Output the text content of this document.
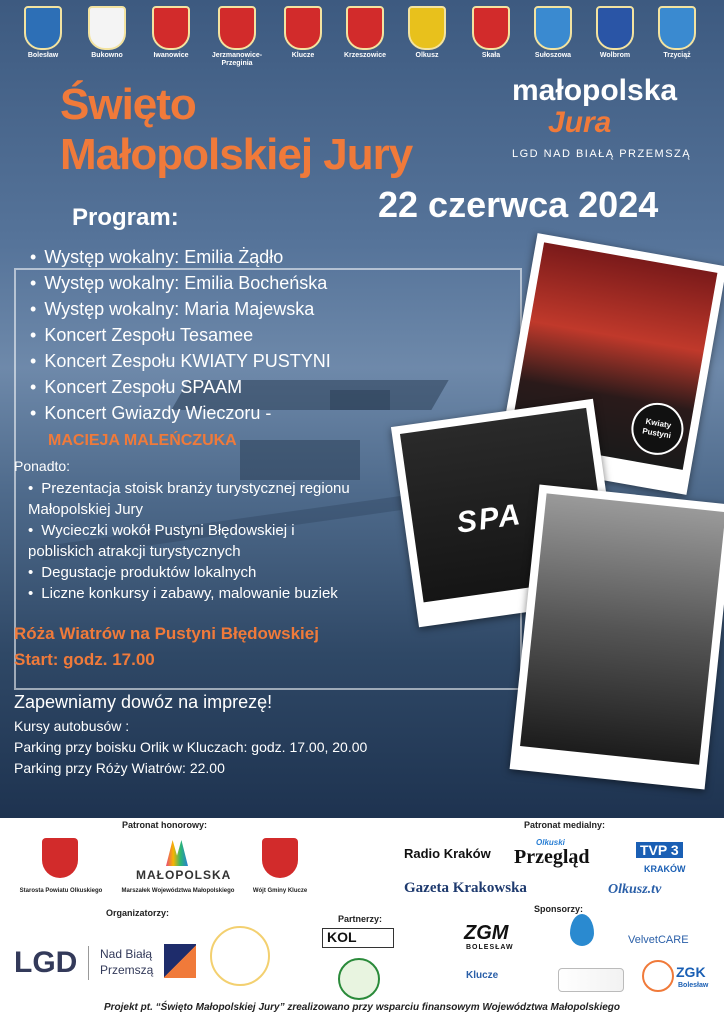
Bolesław	Bukowno	Iwanowice	Jerzmanowice-Przeginia
Klucze	Krzeszowice	Olkusz	Skała	Sułoszowa	Wolbrom	Trzyciąż
Święto
Małopolskiej Jury
22 czerwca 2024
małopolska
Jura
LGD NAD BIAŁĄ PRZEMSZĄ
Program:
• Występ wokalny: Emilia Żądło
• Występ wokalny: Emilia Bocheńska
• Występ wokalny: Maria Majewska
• Koncert Zespołu Tesamee
• Koncert Zespołu KWIATY PUSTYNI
• Koncert Zespołu SPAAM
• Koncert Gwiazdy Wieczoru -
MACIEJA MALEŃCZUKA
Ponadto:
• Prezentacja stoisk branży turystycznej regionu Małopolskiej Jury
• Wycieczki wokół Pustyni Błędowskiej i pobliskich atrakcji turystycznych
• Degustacje produktów lokalnych
• Liczne konkursy i zabawy, malowanie buziek
Róża Wiatrów na Pustyni Błędowskiej
Start: godz. 17.00
Zapewniamy dowóz na imprezę!
Kursy autobusów :
Parking przy boisku Orlik w Kluczach: godz. 17.00, 20.00
Parking przy Róży Wiatrów: 22.00
Kwiaty Pustyni
SPA
Patronat honorowy:
Starosta Powiatu Olkuskiego
MAŁOPOLSKA
Marszałek Województwa Małopolskiego	Wójt Gminy Klucze
Patronat medialny:
Radio Kraków
Olkuski
Przegląd	TVP 3
KRAKÓW
Gazeta Krakowska	Olkusz.tv
Organizatorzy:
LGD Nad Białą Przemszą
Partnerzy:
KOL
Sponsorzy:
ZGM
BOLESŁAW
VelvetCARE
Klucze	ZGK
Bolesław
Projekt pt. “Święto Małopolskiej Jury” zrealizowano przy wsparciu finansowym Województwa Małopolskiego
